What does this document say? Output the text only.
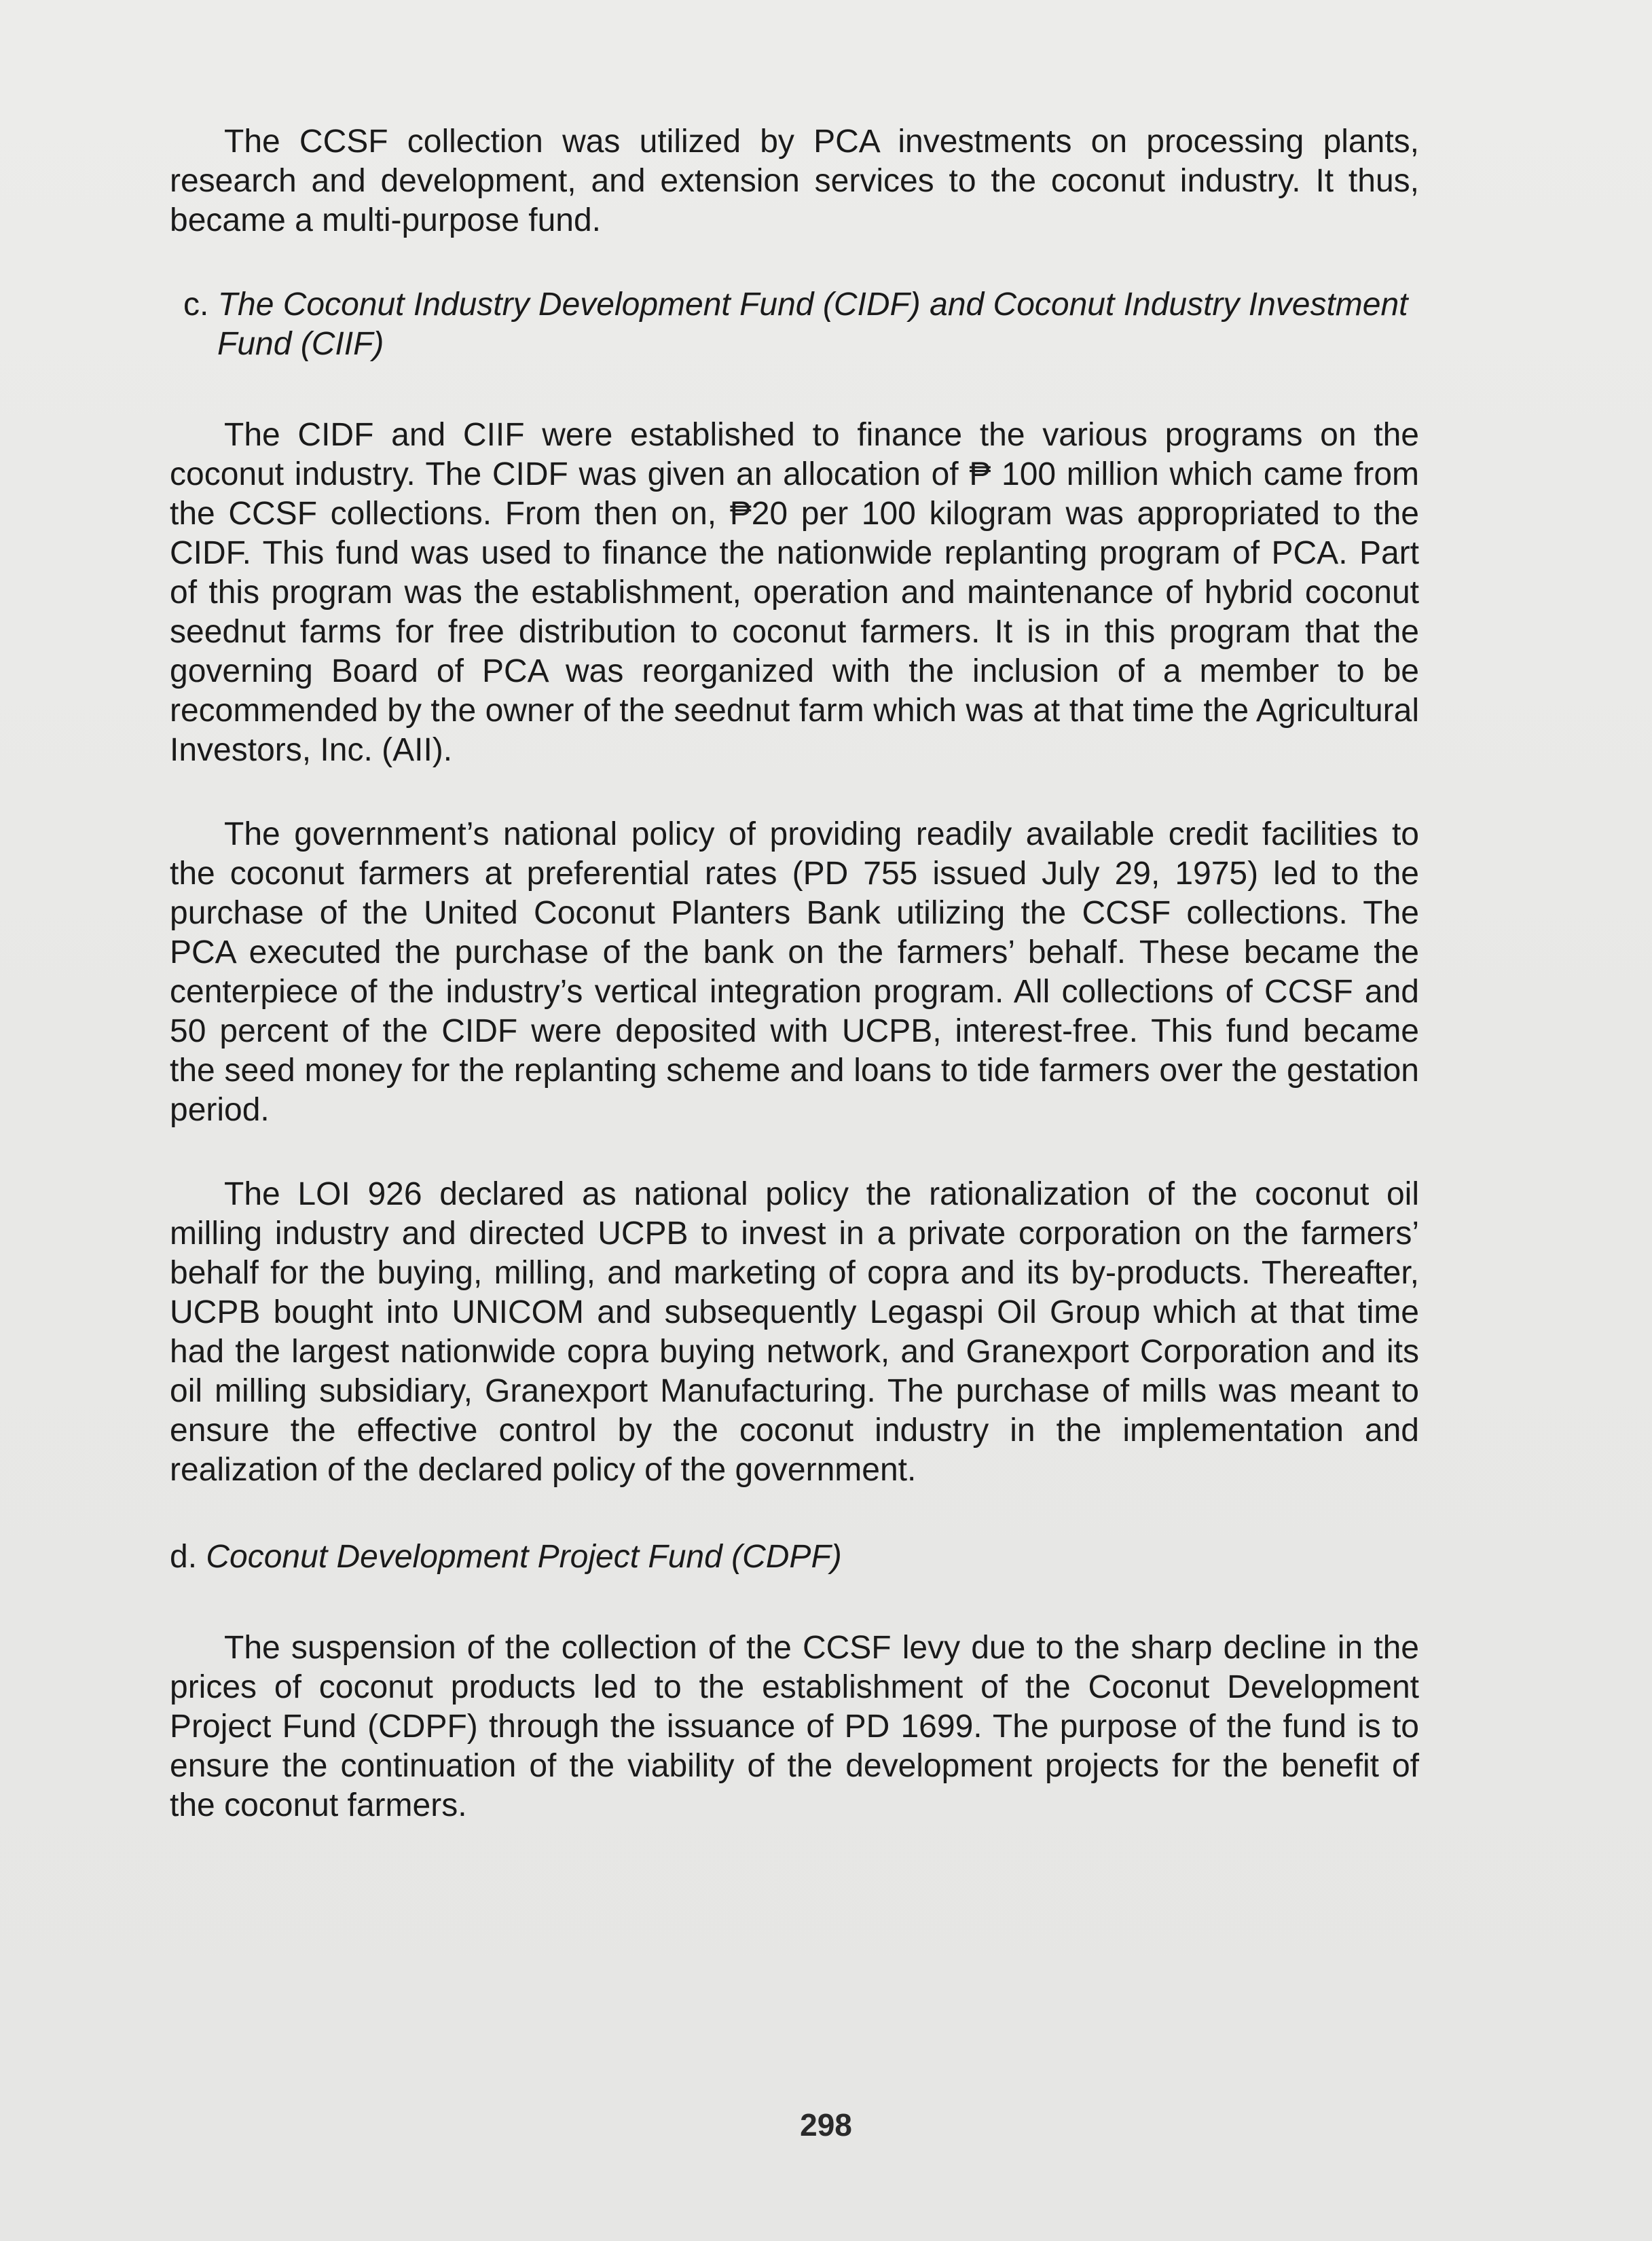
The CCSF collection was utilized by PCA investments on processing plants, research and development, and extension services to the coconut industry. It thus, became a multi-purpose fund.

c. The Coconut Industry Development Fund (CIDF) and Coconut Industry Investment Fund (CIIF)

The CIDF and CIIF were established to finance the various programs on the coconut industry. The CIDF was given an allocation of ₱ 100 million which came from the CCSF collections. From then on, ₱20 per 100 kilogram was appropriated to the CIDF. This fund was used to finance the nationwide replanting program of PCA. Part of this program was the establishment, operation and maintenance of hybrid coconut seednut farms for free distribution to coconut farmers. It is in this program that the governing Board of PCA was reorganized with the inclusion of a member to be recommended by the owner of the seednut farm which was at that time the Agricultural Investors, Inc. (AII).

The government’s national policy of providing readily available credit facilities to the coconut farmers at preferential rates (PD 755 issued July 29, 1975) led to the purchase of the United Coconut Planters Bank utilizing the CCSF collections. The PCA executed the purchase of the bank on the farmers’ behalf. These became the centerpiece of the industry’s vertical integration program. All collections of CCSF and 50 percent of the CIDF were deposited with UCPB, interest-free. This fund became the seed money for the replanting scheme and loans to tide farmers over the gestation period.

The LOI 926 declared as national policy the rationalization of the coconut oil milling industry and directed UCPB to invest in a private corporation on the farmers’ behalf for the buying, milling, and marketing of copra and its by-products. Thereafter, UCPB bought into UNICOM and subsequently Legaspi Oil Group which at that time had the largest nationwide copra buying network, and Granexport Corporation and its oil milling subsidiary, Granexport Manufacturing. The purchase of mills was meant to ensure the effective control by the coconut industry in the implementation and realization of the declared policy of the government.

d. Coconut Development Project Fund (CDPF)

The suspension of the collection of the CCSF levy due to the sharp decline in the prices of coconut products led to the establishment of the Coconut Development Project Fund (CDPF) through the issuance of PD 1699. The purpose of the fund is to ensure the continuation of the viability of the development projects for the benefit of the coconut farmers.

298
